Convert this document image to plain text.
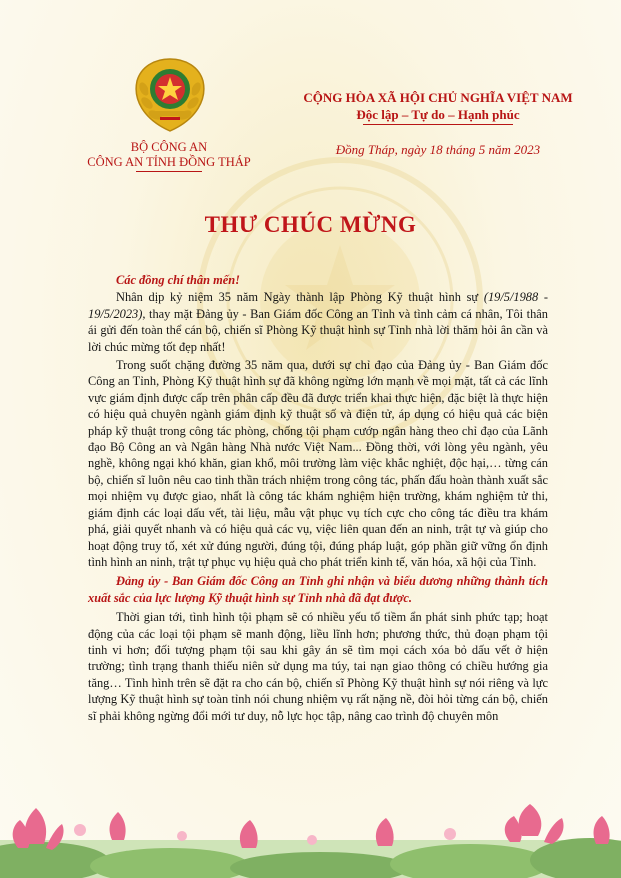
BỘ CÔNG AN
CÔNG AN TỈNH ĐỒNG THÁP
CỘNG HÒA XÃ HỘI CHỦ NGHĨA VIỆT NAM
Độc lập – Tự do – Hạnh phúc
Đồng Tháp, ngày 18 tháng 5 năm 2023
THƯ CHÚC MỪNG

Các đồng chí thân mến!

Nhân dịp kỷ niệm 35 năm Ngày thành lập Phòng Kỹ thuật hình sự (19/5/1988 - 19/5/2023), thay mặt Đảng ủy - Ban Giám đốc Công an Tỉnh và tình cảm cá nhân, Tôi thân ái gửi đến toàn thể cán bộ, chiến sĩ Phòng Kỹ thuật hình sự Tỉnh nhà lời thăm hỏi ân cần và lời chúc mừng tốt đẹp nhất!

Trong suốt chặng đường 35 năm qua, dưới sự chỉ đạo của Đảng ủy - Ban Giám đốc Công an Tỉnh, Phòng Kỹ thuật hình sự đã không ngừng lớn mạnh về mọi mặt, tất cả các lĩnh vực giám định được cấp trên phân cấp đều đã được triển khai thực hiện, đặc biệt là thực hiện có hiệu quả chuyên ngành giám định kỹ thuật số và điện tử, áp dụng có hiệu quả các biện pháp kỹ thuật trong công tác phòng, chống tội phạm cướp ngân hàng theo chỉ đạo của Lãnh đạo Bộ Công an và Ngân hàng Nhà nước Việt Nam... Đồng thời, với lòng yêu ngành, yêu nghề, không ngại khó khăn, gian khổ, môi trường làm việc khắc nghiệt, độc hại,… từng cán bộ, chiến sĩ luôn nêu cao tinh thần trách nhiệm trong công tác, phấn đấu hoàn thành xuất sắc mọi nhiệm vụ được giao, nhất là công tác khám nghiệm hiện trường, khám nghiệm tử thi, giám định các loại dấu vết, tài liệu, mẫu vật phục vụ tích cực cho công tác điều tra khám phá, giải quyết nhanh và có hiệu quả các vụ, việc liên quan đến an ninh, trật tự và giúp cho hoạt động truy tố, xét xử đúng người, đúng tội, đúng pháp luật, góp phần giữ vững ổn định tình hình an ninh, trật tự phục vụ hiệu quả cho phát triển kinh tế, văn hóa, xã hội của Tỉnh.

Đảng ủy - Ban Giám đốc Công an Tỉnh ghi nhận và biểu dương những thành tích xuất sắc của lực lượng Kỹ thuật hình sự Tỉnh nhà đã đạt được.

Thời gian tới, tình hình tội phạm sẽ có nhiều yếu tố tiềm ẩn phát sinh phức tạp; hoạt động của các loại tội phạm sẽ manh động, liều lĩnh hơn; phương thức, thủ đoạn phạm tội tinh vi hơn; đối tượng phạm tội sau khi gây án sẽ tìm mọi cách xóa bỏ dấu vết ở hiện trường; tình trạng thanh thiếu niên sử dụng ma túy, tai nạn giao thông có chiều hướng gia tăng… Tình hình trên sẽ đặt ra cho cán bộ, chiến sĩ Phòng Kỹ thuật hình sự nói riêng và lực lượng Kỹ thuật hình sự toàn tỉnh nói chung nhiệm vụ rất nặng nề, đòi hỏi từng cán bộ, chiến sĩ phải không ngừng đổi mới tư duy, nỗ lực học tập, nâng cao trình độ chuyên môn
